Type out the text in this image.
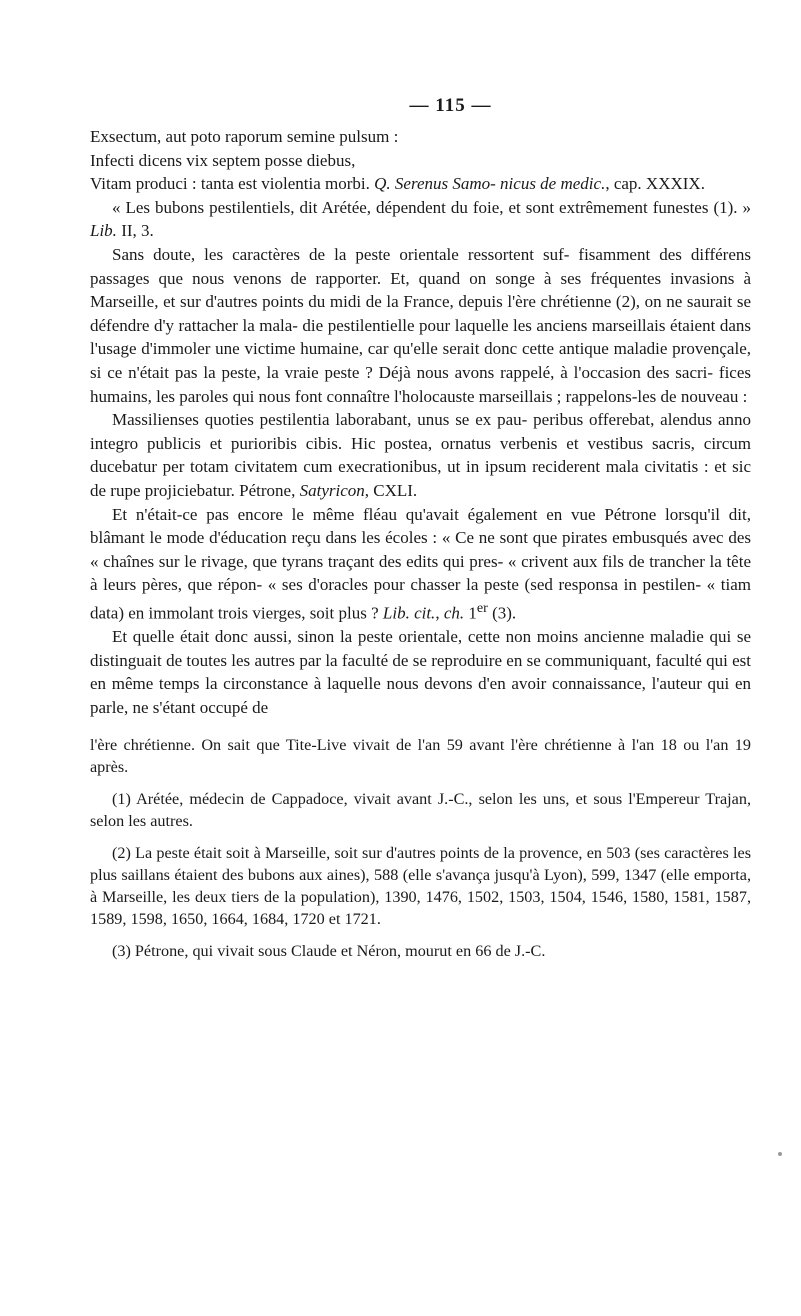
— 115 —

Exsectum, aut poto raporum semine pulsum :
Infecti dicens vix septem posse diebus,
Vitam produci : tanta est violentia morbi. Q. Serenus Samo- nicus de medic., cap. XXXIX.

« Les bubons pestilentiels, dit Arétée, dépendent du foie, et sont extrêmement funestes (1). » Lib. II, 3.

Sans doute, les caractères de la peste orientale ressortent suf- fisamment des différens passages que nous venons de rapporter. Et, quand on songe à ses fréquentes invasions à Marseille, et sur d'autres points du midi de la France, depuis l'ère chrétienne (2), on ne saurait se défendre d'y rattacher la mala- die pestilentielle pour laquelle les anciens marseillais étaient dans l'usage d'immoler une victime humaine, car qu'elle serait donc cette antique maladie provençale, si ce n'était pas la peste, la vraie peste ? Déjà nous avons rappelé, à l'occasion des sacri- fices humains, les paroles qui nous font connaître l'holocauste marseillais ; rappelons-les de nouveau :

Massilienses quoties pestilentia laborabant, unus se ex pau- peribus offerebat, alendus anno integro publicis et purioribis cibis. Hic postea, ornatus verbenis et vestibus sacris, circum ducebatur per totam civitatem cum execrationibus, ut in ipsum reciderent mala civitatis : et sic de rupe projiciebatur. Pétrone, Satyricon, CXLI.

Et n'était-ce pas encore le même fléau qu'avait également en vue Pétrone lorsqu'il dit, blâmant le mode d'éducation reçu dans les écoles : « Ce ne sont que pirates embusqués avec des « chaînes sur le rivage, que tyrans traçant des edits qui pres- « crivent aux fils de trancher la tête à leurs pères, que répon- « ses d'oracles pour chasser la peste (sed responsa in pestilen- « tiam data) en immolant trois vierges, soit plus ? Lib. cit., ch. 1er (3).

Et quelle était donc aussi, sinon la peste orientale, cette non moins ancienne maladie qui se distinguait de toutes les autres par la faculté de se reproduire en se communiquant, faculté qui est en même temps la circonstance à laquelle nous devons d'en avoir connaissance, l'auteur qui en parle, ne s'étant occupé de

l'ère chrétienne. On sait que Tite-Live vivait de l'an 59 avant l'ère chrétienne à l'an 18 ou l'an 19 après.

(1) Arétée, médecin de Cappadoce, vivait avant J.-C., selon les uns, et sous l'Empereur Trajan, selon les autres.

(2) La peste était soit à Marseille, soit sur d'autres points de la provence, en 503 (ses caractères les plus saillans étaient des bubons aux aines), 588 (elle s'avança jusqu'à Lyon), 599, 1347 (elle emporta, à Marseille, les deux tiers de la population), 1390, 1476, 1502, 1503, 1504, 1546, 1580, 1581, 1587, 1589, 1598, 1650, 1664, 1684, 1720 et 1721.

(3) Pétrone, qui vivait sous Claude et Néron, mourut en 66 de J.-C.
